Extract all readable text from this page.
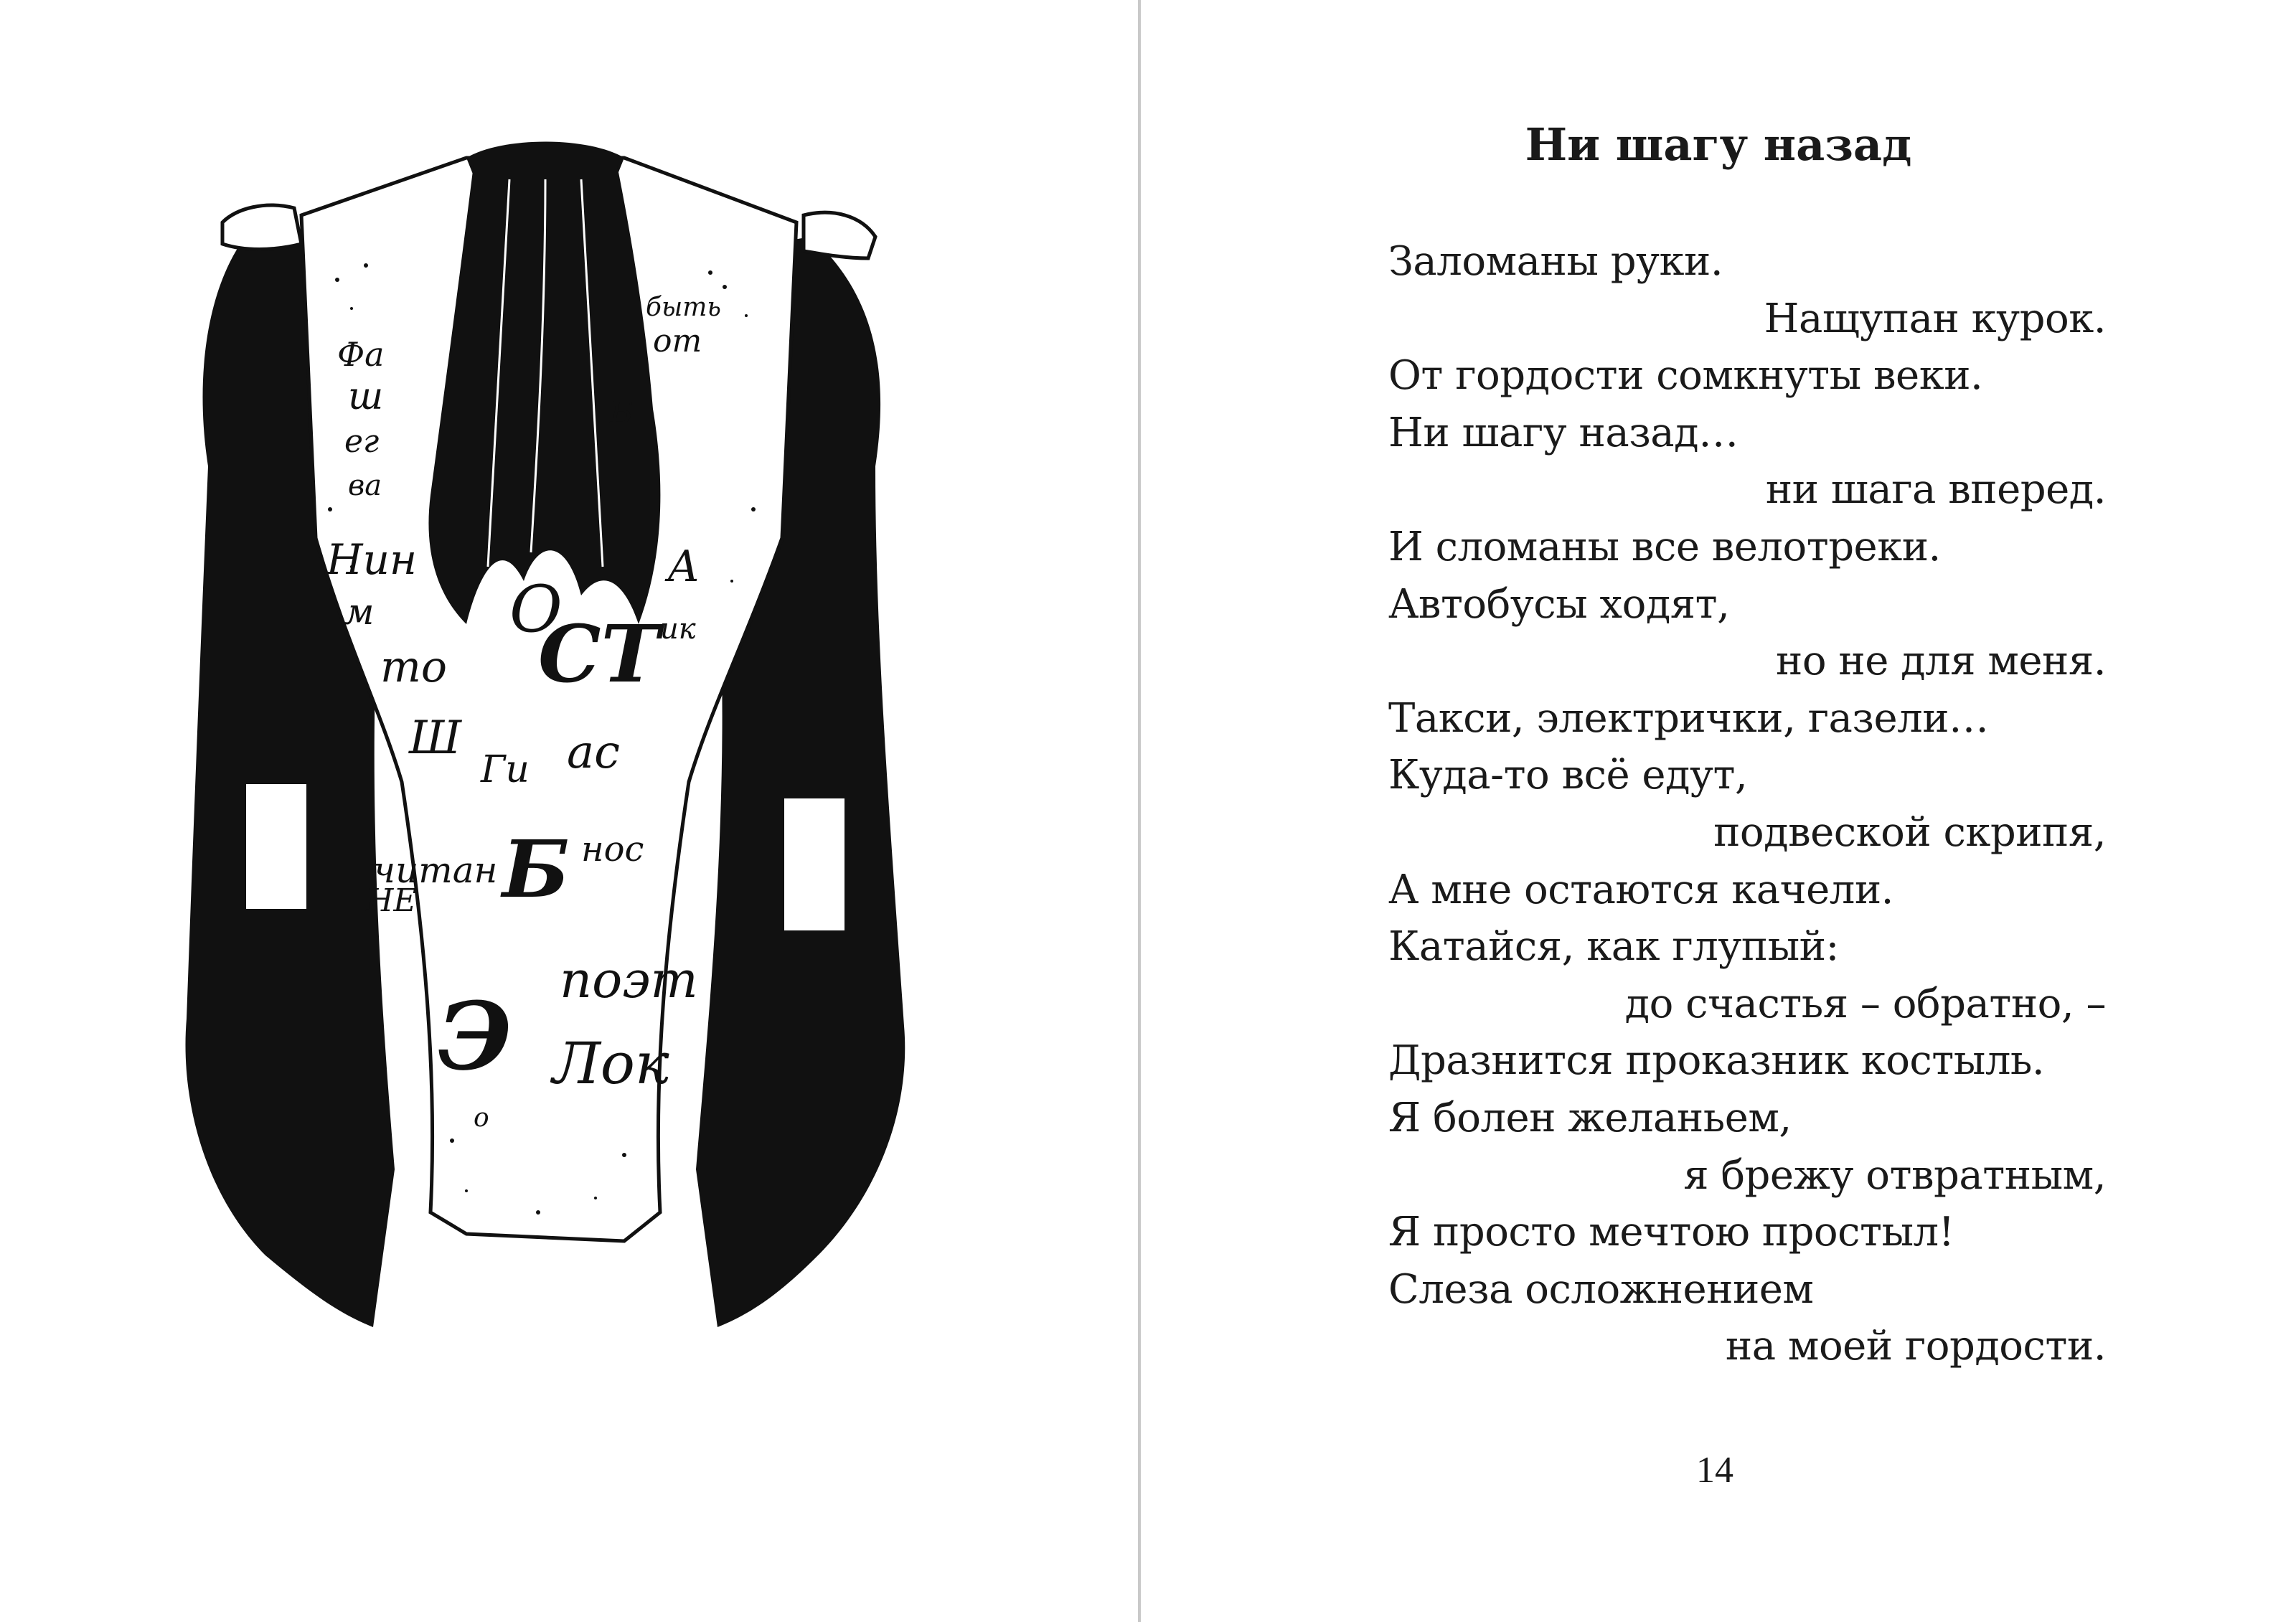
Фа
ш
ег
ва
Нин
м
то
Ш
СТ
О
А
Б
от
быть
НЕ
читан Б
ас
Ги
нос
Э Лок
поэт
ик
о
Ни шагу назад
Заломаны руки.
Нащупан курок.
От гордости сомкнуты веки.
Ни шагу назад…
ни шага вперед.
И сломаны все велотреки.
Автобусы ходят,
но не для меня.
Такси, электрички, газели…
Куда-то всё едут,
подвеской скрипя,
А мне остаются качели.
Катайся, как глупый:
до счастья – обратно, –
Дразнится проказник костыль.
Я болен желаньем,
я брежу отвратным,
Я просто мечтою простыл!
Слеза осложнением
на моей гордости.
14
